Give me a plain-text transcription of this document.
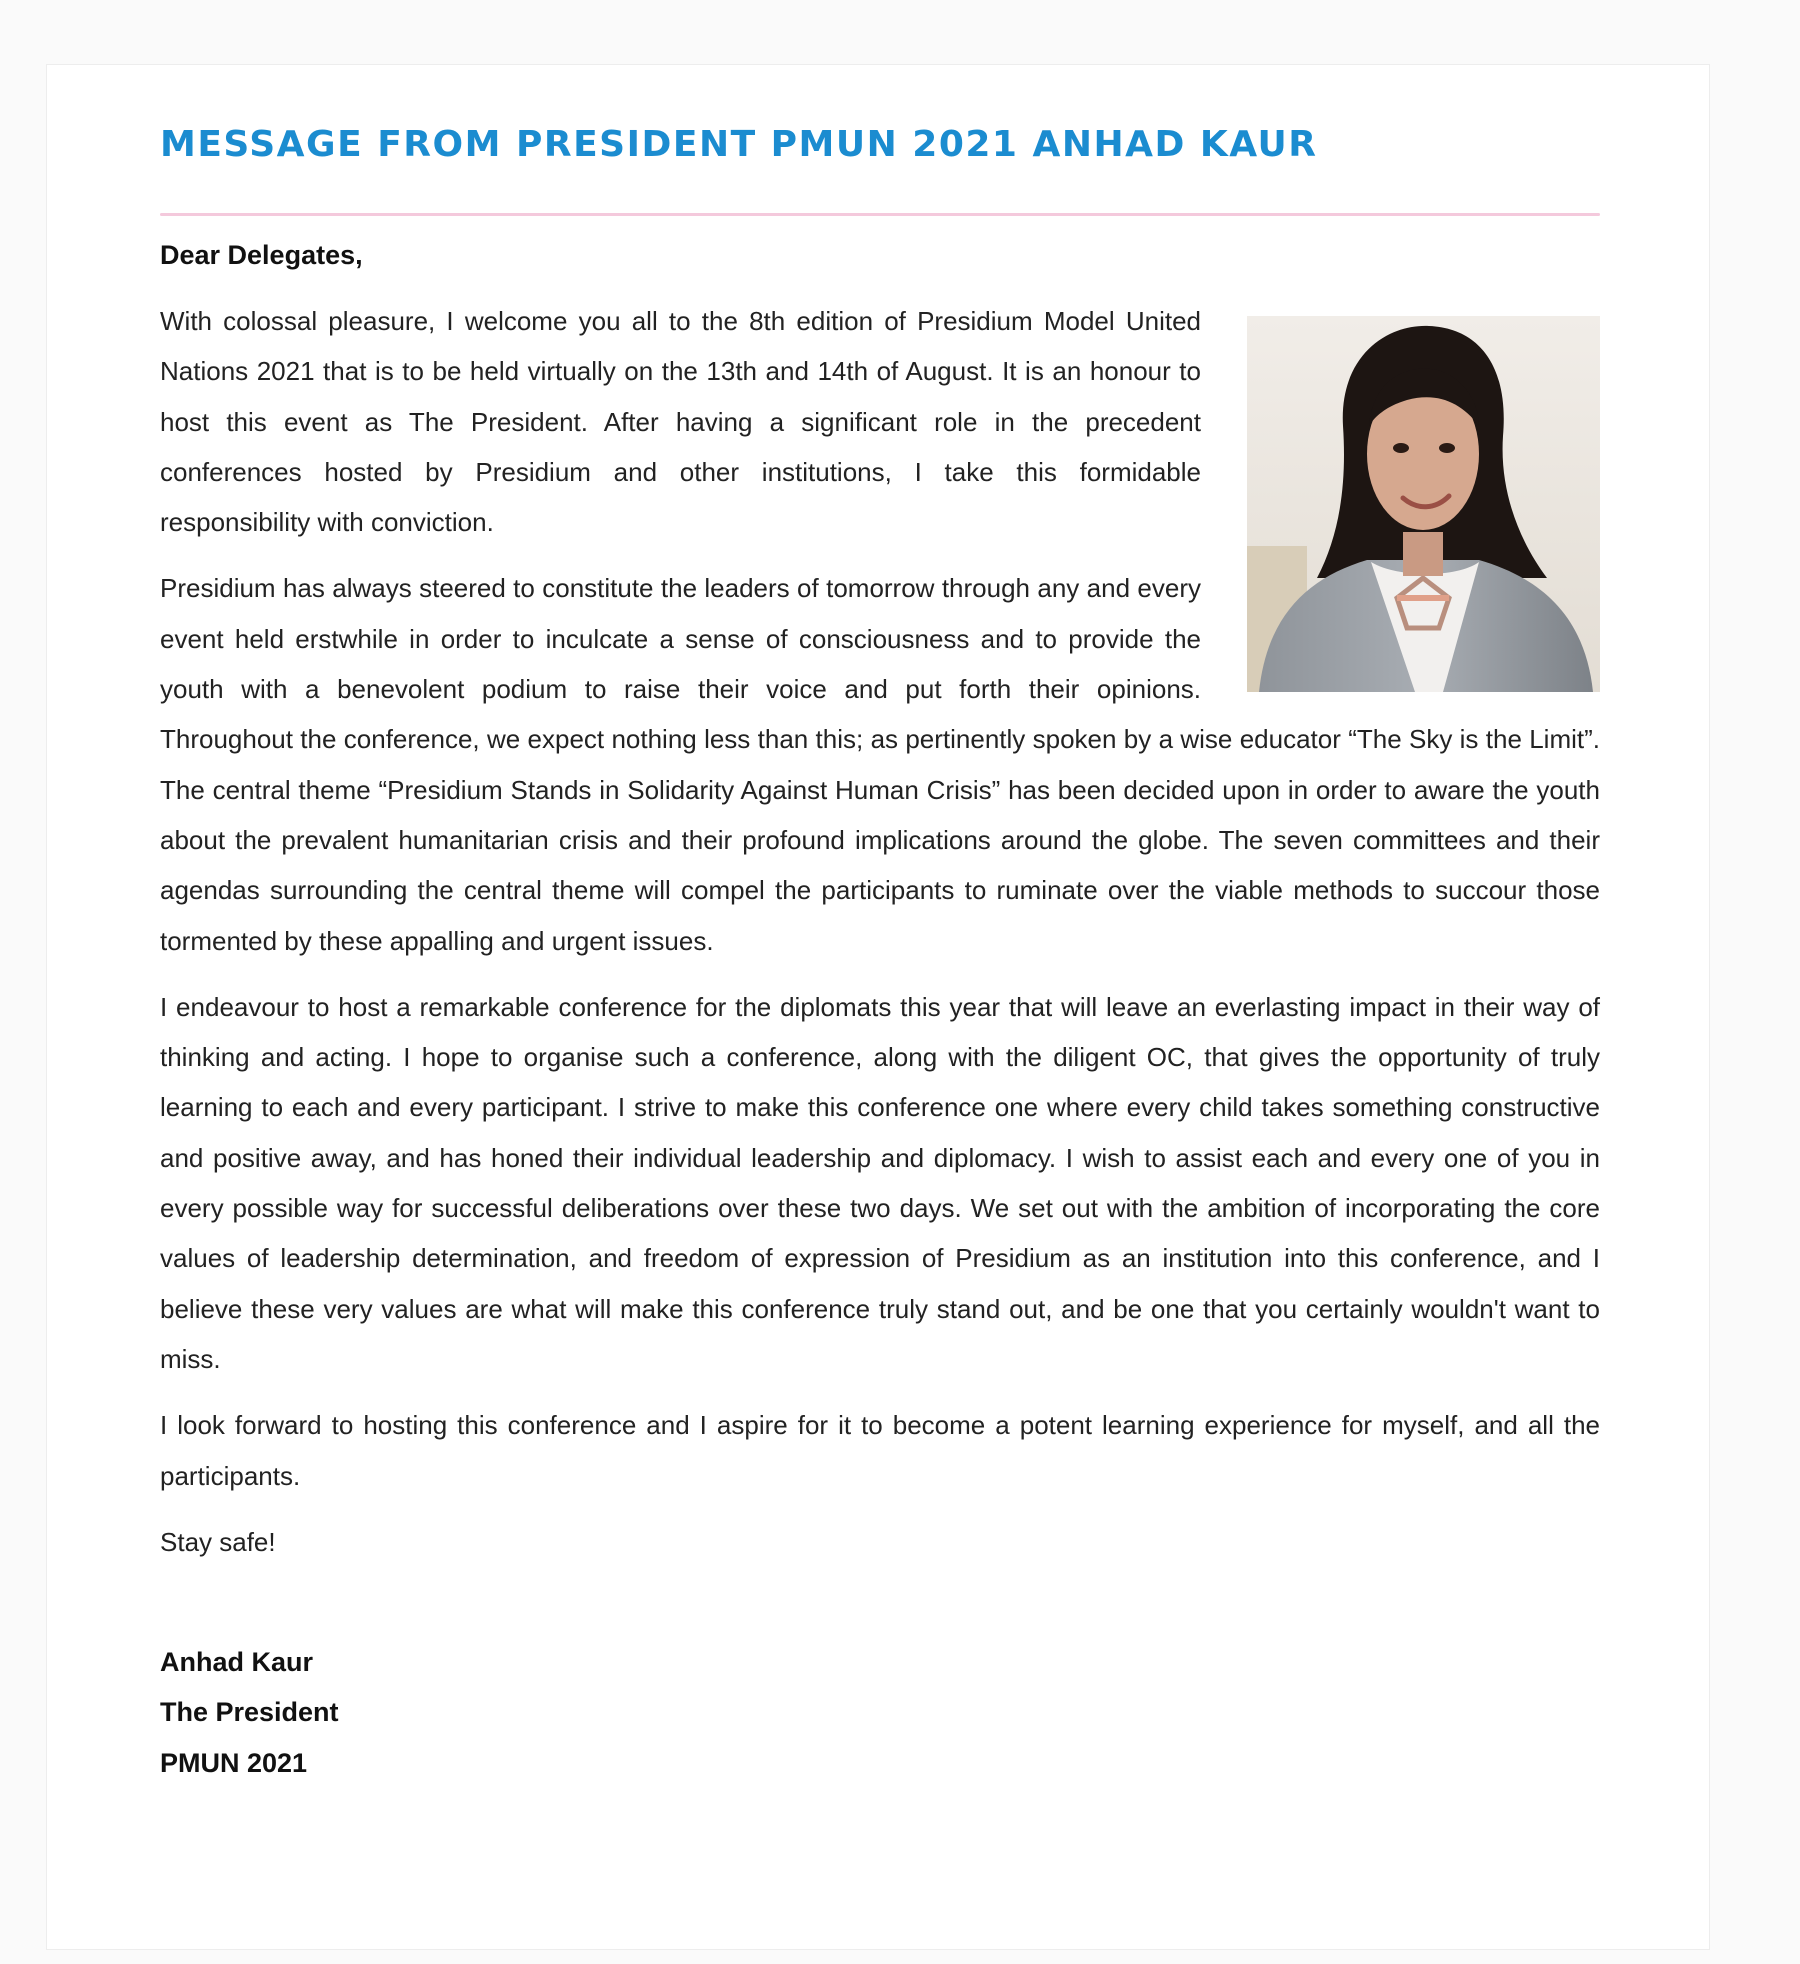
MESSAGE FROM PRESIDENT PMUN 2021 ANHAD KAUR

Dear Delegates,

With colossal pleasure, I welcome you all to the 8th edition of Presidium Model United Nations 2021 that is to be held virtually on the 13th and 14th of August. It is an honour to host this event as The President. After having a significant role in the precedent conferences hosted by Presidium and other institutions, I take this formidable responsibility with conviction.

Presidium has always steered to constitute the leaders of tomorrow through any and every event held erstwhile in order to inculcate a sense of consciousness and to provide the youth with a benevolent podium to raise their voice and put forth their opinions. Throughout the conference, we expect nothing less than this; as pertinently spoken by a wise educator “The Sky is the Limit”. The central theme “Presidium Stands in Solidarity Against Human Crisis” has been decided upon in order to aware the youth about the prevalent humanitarian crisis and their profound implications around the globe. The seven committees and their agendas surrounding the central theme will compel the participants to ruminate over the viable methods to succour those tormented by these appalling and urgent issues.

I endeavour to host a remarkable conference for the diplomats this year that will leave an everlasting impact in their way of thinking and acting. I hope to organise such a conference, along with the diligent OC, that gives the opportunity of truly learning to each and every participant. I strive to make this conference one where every child takes something constructive and positive away, and has honed their individual leadership and diplomacy. I wish to assist each and every one of you in every possible way for successful deliberations over these two days. We set out with the ambition of incorporating the core values of leadership determination, and freedom of expression of Presidium as an institution into this conference, and I believe these very values are what will make this conference truly stand out, and be one that you certainly wouldn't want to miss.

I look forward to hosting this conference and I aspire for it to become a potent learning experience for myself, and all the participants.

Stay safe!

Anhad Kaur
The President
PMUN 2021
